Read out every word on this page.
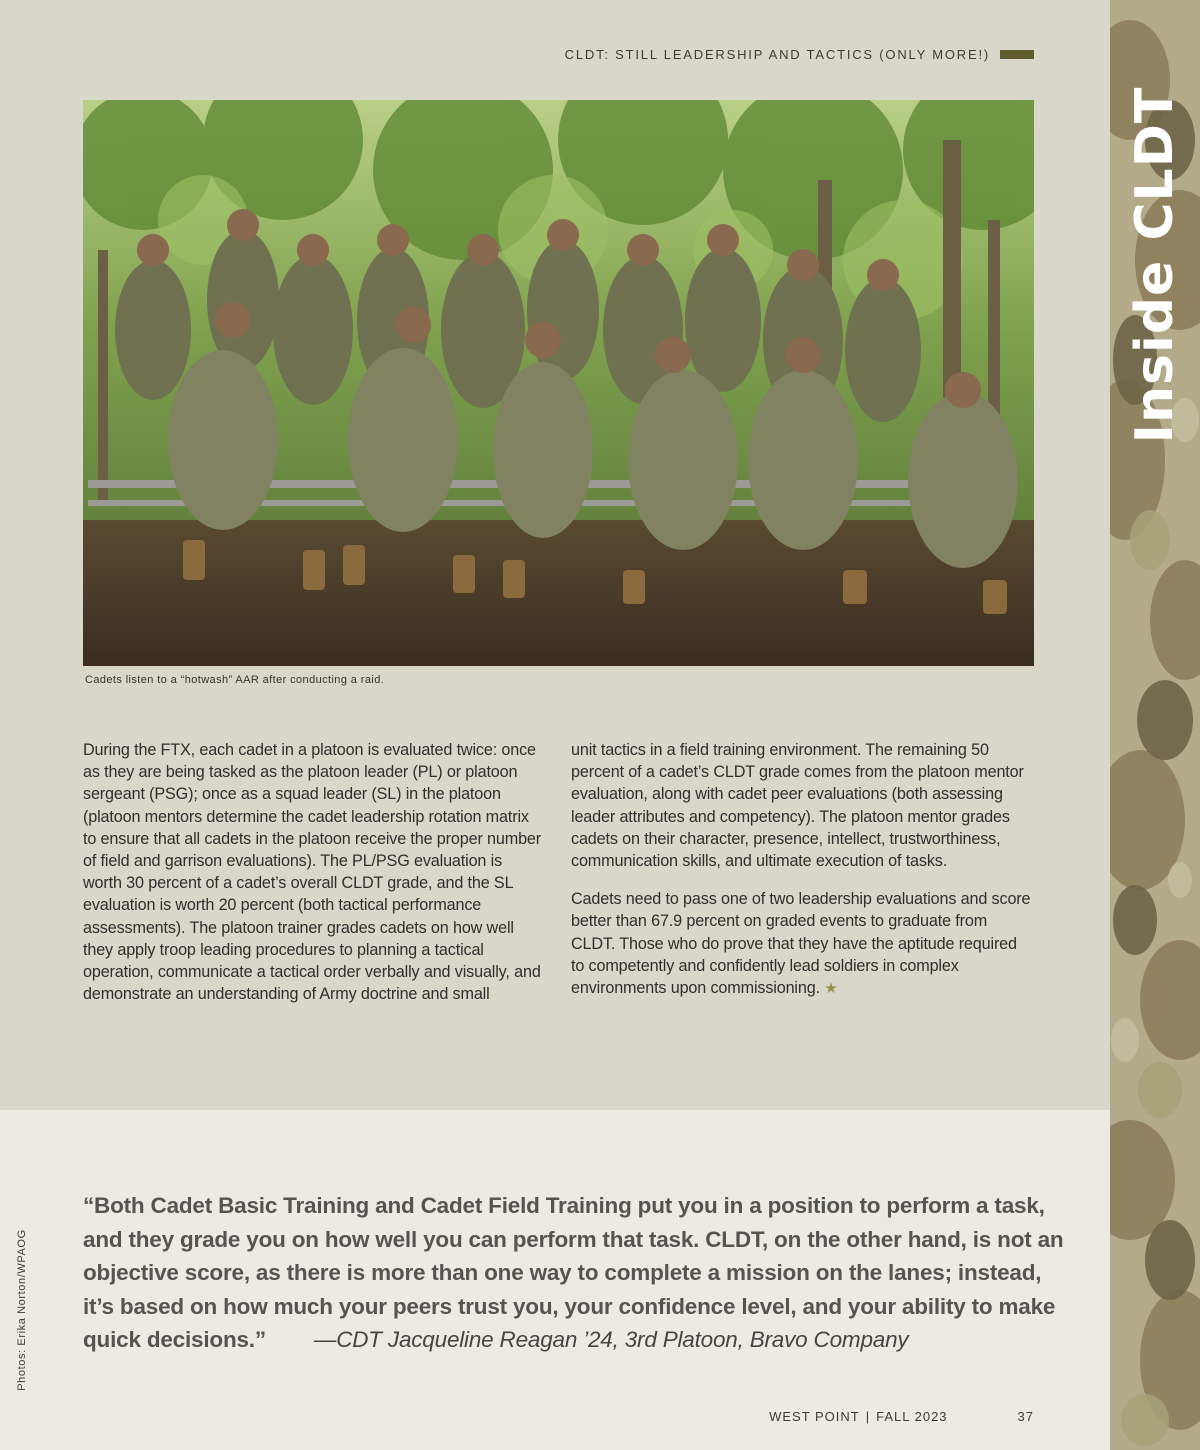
CLDT: STILL LEADERSHIP AND TACTICS (ONLY MORE!)
Cadets listen to a “hotwash” AAR after conducting a raid.

During the FTX, each cadet in a platoon is evaluated twice: once as they are being tasked as the platoon leader (PL) or platoon sergeant (PSG); once as a squad leader (SL) in the platoon (platoon mentors determine the cadet leadership rotation matrix to ensure that all cadets in the platoon receive the proper number of field and garrison evaluations). The PL/PSG evaluation is worth 30 percent of a cadet’s overall CLDT grade, and the SL evaluation is worth 20 percent (both tactical performance assessments). The platoon trainer grades cadets on how well they apply troop leading procedures to planning a tactical operation, communicate a tactical order verbally and visually, and demonstrate an understanding of Army doctrine and small

unit tactics in a field training environment. The remaining 50 percent of a cadet’s CLDT grade comes from the platoon mentor evaluation, along with cadet peer evaluations (both assessing leader attributes and competency). The platoon mentor grades cadets on their character, presence, intellect, trustworthiness, communication skills, and ultimate execution of tasks.

Cadets need to pass one of two leadership evaluations and score better than 67.9 percent on graded events to graduate from CLDT. Those who do prove that they have the aptitude required to competently and confidently lead soldiers in complex environments upon commissioning. ★

Inside CLDT
“Both Cadet Basic Training and Cadet Field Training put you in a position to perform a task, and they grade you on how well you can perform that task. CLDT, on the other hand, is not an objective score, as there is more than one way to complete a mission on the lanes; instead, it’s based on how much your peers trust you, your confidence level, and your ability to make quick decisions.” —CDT Jacqueline Reagan ’24, 3rd Platoon, Bravo Company
Photos: Erika Norton/WPAOG
WEST POINT | FALL 2023	37
